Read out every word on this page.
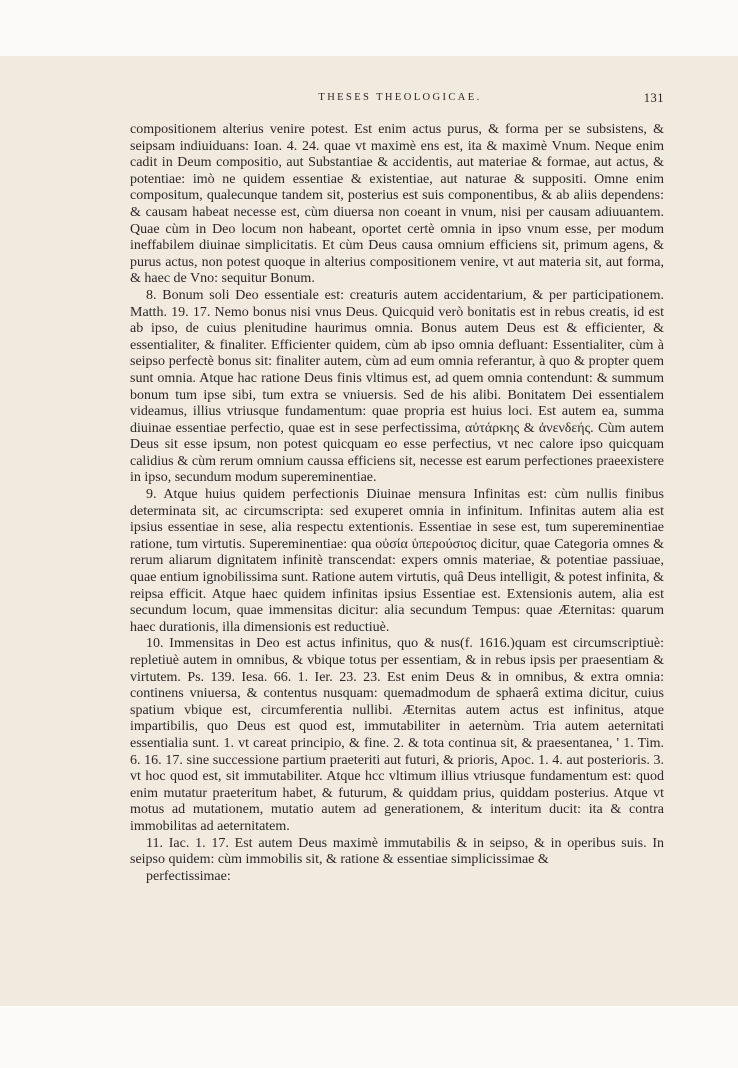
THESES THEOLOGICAE.	131

compositionem alterius venire potest. Est enim actus purus, & forma per se subsistens, & seipsam indiuiduans: Ioan. 4. 24. quae vt maximè ens est, ita & maximè Vnum. Neque enim cadit in Deum compositio, aut Substantiae & accidentis, aut materiae & formae, aut actus, & potentiae: imò ne quidem essentiae & existentiae, aut naturae & suppositi. Omne enim compositum, qualecunque tandem sit, posterius est suis componentibus, & ab aliis dependens: & causam habeat necesse est, cùm diuersa non coeant in vnum, nisi per causam adiuuantem. Quae cùm in Deo locum non habeant, oportet certè omnia in ipso vnum esse, per modum ineffabilem diuinae simplicitatis. Et cùm Deus causa omnium efficiens sit, primum agens, & purus actus, non potest quoque in alterius compositionem venire, vt aut materia sit, aut forma, & haec de Vno: sequitur Bonum.

8. Bonum soli Deo essentiale est: creaturis autem accidentarium, & per participationem. Matth. 19. 17. Nemo bonus nisi vnus Deus. Quicquid verò bonitatis est in rebus creatis, id est ab ipso, de cuius plenitudine haurimus omnia. Bonus autem Deus est & efficienter, & essentialiter, & finaliter. Efficienter quidem, cùm ab ipso omnia defluant: Essentialiter, cùm à seipso perfectè bonus sit: finaliter autem, cùm ad eum omnia referantur, à quo & propter quem sunt omnia. Atque hac ratione Deus finis vltimus est, ad quem omnia contendunt: & summum bonum tum ipse sibi, tum extra se vniuersis. Sed de his alibi. Bonitatem Dei essentialem videamus, illius vtriusque fundamentum: quae propria est huius loci. Est autem ea, summa diuinae essentiae perfectio, quae est in sese perfectissima, αὐτάρκης & ἀνενδεής. Cùm autem Deus sit esse ipsum, non potest quicquam eo esse perfectius, vt nec calore ipso quicquam calidius & cùm rerum omnium caussa efficiens sit, necesse est earum perfectiones praeexistere in ipso, secundum modum supereminentiae.

9. Atque huius quidem perfectionis Diuinae mensura Infinitas est: cùm nullis finibus determinata sit, ac circumscripta: sed exuperet omnia in infinitum. Infinitas autem alia est ipsius essentiae in sese, alia respectu extentionis. Essentiae in sese est, tum supereminentiae ratione, tum virtutis. Supereminentiae: qua οὐσία ὑπερούσιος dicitur, quae Categoria omnes & rerum aliarum dignitatem infinitè transcendat: expers omnis materiae, & potentiae passiuae, quae entium ignobilissima sunt. Ratione autem virtutis, quâ Deus intelligit, & potest infinita, & reipsa efficit. Atque haec quidem infinitas ipsius Essentiae est. Extensionis autem, alia est secundum locum, quae immensitas dicitur: alia secundum Tempus: quae Æternitas: quarum haec durationis, illa dimensionis est reductiuè.

10. Immensitas in Deo est actus infinitus, quo & nus(f. 1616.)quam est circumscriptiuè: repletiuè autem in omnibus, & vbique totus per essentiam, & in rebus ipsis per praesentiam & virtutem. Ps. 139. Iesa. 66. 1. Ier. 23. 23. Est enim Deus & in omnibus, & extra omnia: continens vniuersa, & contentus nusquam: quemadmodum de sphaerâ extima dicitur, cuius spatium vbique est, circumferentia nullibi. Æternitas autem actus est infinitus, atque impartibilis, quo Deus est quod est, immutabiliter in aeternùm. Tria autem aeternitati essentialia sunt. 1. vt careat principio, & fine. 2. & tota continua sit, & praesentanea, ' 1. Tim. 6. 16. 17. sine successione partium praeteriti aut futuri, & prioris, Apoc. 1. 4. aut posterioris. 3. vt hoc quod est, sit immutabiliter. Atque hcc vltimum illius vtriusque fundamentum est: quod enim mutatur praeteritum habet, & futurum, & quiddam prius, quiddam posterius. Atque vt motus ad mutationem, mutatio autem ad generationem, & interitum ducit: ita & contra immobilitas ad aeternitatem.

11. Iac. 1. 17. Est autem Deus maximè immutabilis & in seipso, & in operibus suis. In seipso quidem: cùm immobilis sit, & ratione & essentiae simplicissimae &
perfectissimae:
